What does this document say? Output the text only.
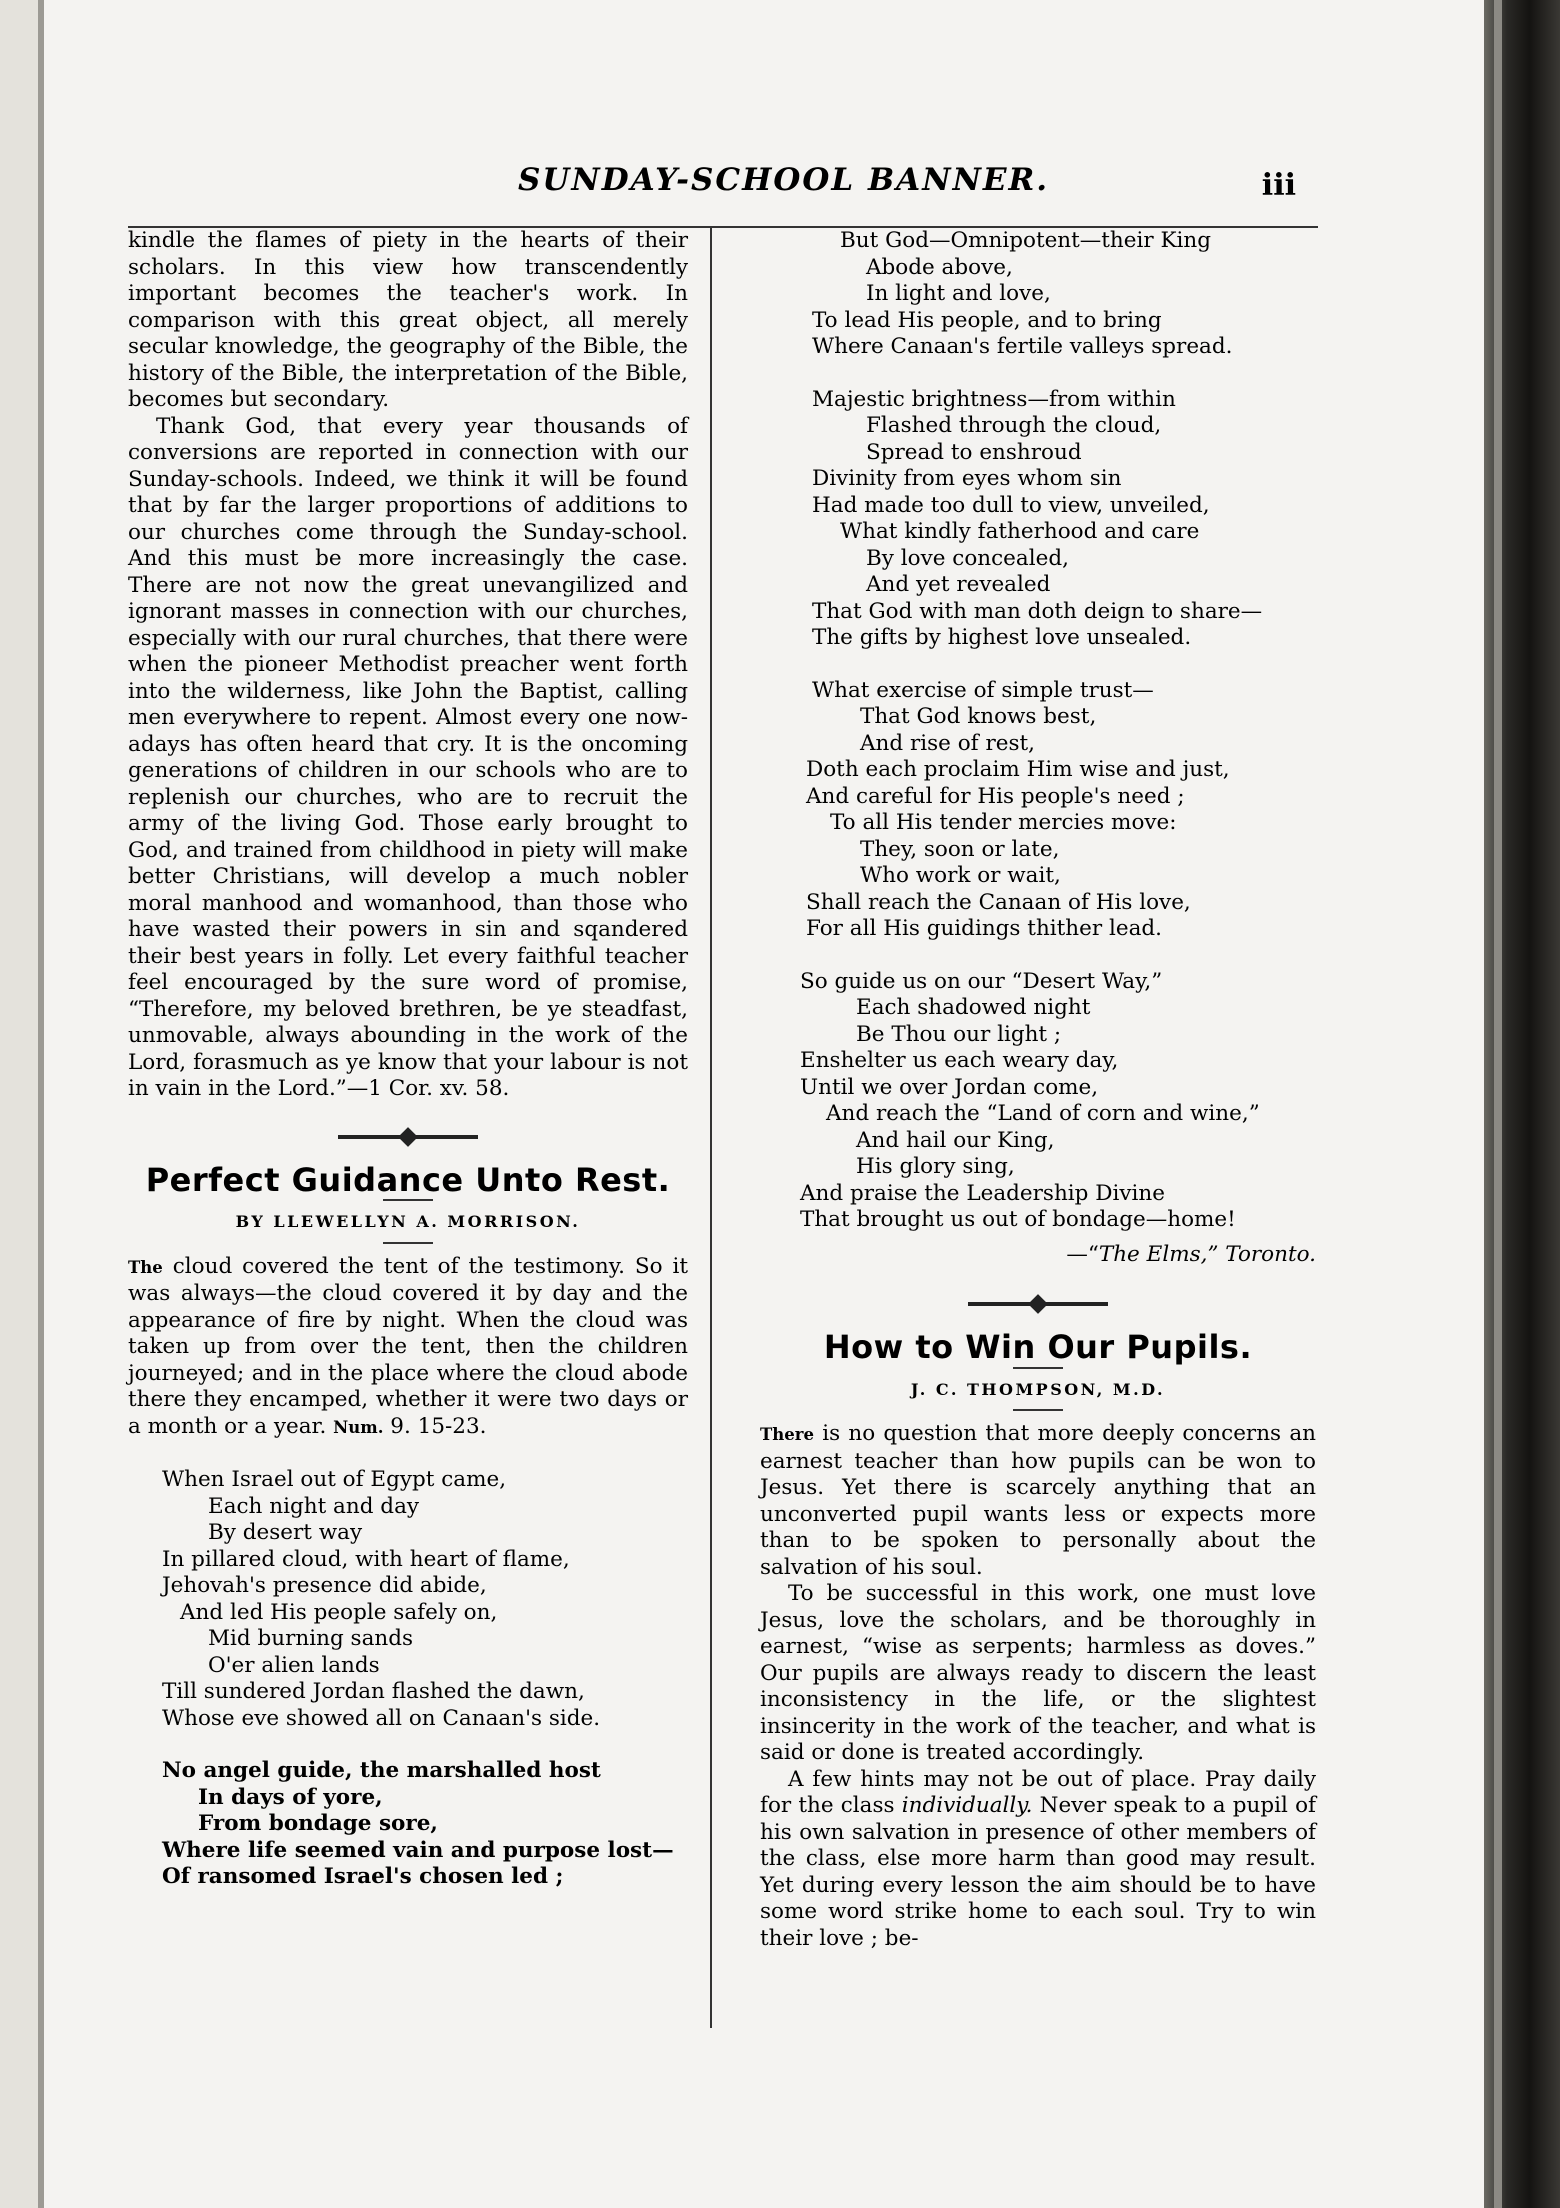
SUNDAY-SCHOOL BANNER.	iii

kindle the flames of piety in the hearts of their scholars. In this view how transcendently important becomes the teacher's work. In comparison with this great object, all merely secular knowledge, the geography of the Bible, the history of the Bible, the interpretation of the Bible, becomes but secondary.

Thank God, that every year thousands of conversions are reported in connection with our Sunday-schools. Indeed, we think it will be found that by far the larger proportions of additions to our churches come through the Sunday-school. And this must be more increasingly the case. There are not now the great unevangilized and ignorant masses in connection with our churches, especially with our rural churches, that there were when the pioneer Methodist preacher went forth into the wilderness, like John the Baptist, calling men everywhere to repent. Almost every one now-adays has often heard that cry. It is the oncoming generations of children in our schools who are to replenish our churches, who are to recruit the army of the living God. Those early brought to God, and trained from childhood in piety will make better Christians, will develop a much nobler moral manhood and womanhood, than those who have wasted their powers in sin and sqandered their best years in folly. Let every faithful teacher feel encouraged by the sure word of promise, “Therefore, my beloved brethren, be ye steadfast, unmovable, always abounding in the work of the Lord, forasmuch as ye know that your labour is not in vain in the Lord.”—1 Cor. xv. 58.

Perfect Guidance Unto Rest.
BY LLEWELLYN A. MORRISON.

The cloud covered the tent of the testimony. So it was always—the cloud covered it by day and the appearance of fire by night. When the cloud was taken up from over the tent, then the children journeyed; and in the place where the cloud abode there they encamped, whether it were two days or a month or a year. Num. 9. 15-23.

When Israel out of Egypt came,
Each night and day
By desert way
In pillared cloud, with heart of flame,
Jehovah's presence did abide,
And led His people safely on,
Mid burning sands
O'er alien lands
Till sundered Jordan flashed the dawn,
Whose eve showed all on Canaan's side.
No angel guide, the marshalled host
In days of yore,
From bondage sore,
Where life seemed vain and purpose lost—
Of ransomed Israel's chosen led ;
But God—Omnipotent—their King
Abode above,
In light and love,
To lead His people, and to bring
Where Canaan's fertile valleys spread.
Majestic brightness—from within
Flashed through the cloud,
Spread to enshroud
Divinity from eyes whom sin
Had made too dull to view, unveiled,
What kindly fatherhood and care
By love concealed,
And yet revealed
That God with man doth deign to share—
The gifts by highest love unsealed.
What exercise of simple trust—
That God knows best,
And rise of rest,
Doth each proclaim Him wise and just,
And careful for His people's need ;
To all His tender mercies move:
They, soon or late,
Who work or wait,
Shall reach the Canaan of His love,
For all His guidings thither lead.
So guide us on our “Desert Way,”
Each shadowed night
Be Thou our light ;
Enshelter us each weary day,
Until we over Jordan come,
And reach the “Land of corn and wine,”
And hail our King,
His glory sing,
And praise the Leadership Divine
That brought us out of bondage—home!
—“The Elms,” Toronto.
How to Win Our Pupils.
J. C. THOMPSON, M.D.

There is no question that more deeply concerns an earnest teacher than how pupils can be won to Jesus. Yet there is scarcely anything that an unconverted pupil wants less or expects more than to be spoken to personally about the salvation of his soul.

To be successful in this work, one must love Jesus, love the scholars, and be thoroughly in earnest, “wise as serpents; harmless as doves.” Our pupils are always ready to discern the least inconsistency in the life, or the slightest insincerity in the work of the teacher, and what is said or done is treated accordingly.

A few hints may not be out of place. Pray daily for the class individually. Never speak to a pupil of his own salvation in presence of other members of the class, else more harm than good may result. Yet during every lesson the aim should be to have some word strike home to each soul. Try to win their love ; be-
